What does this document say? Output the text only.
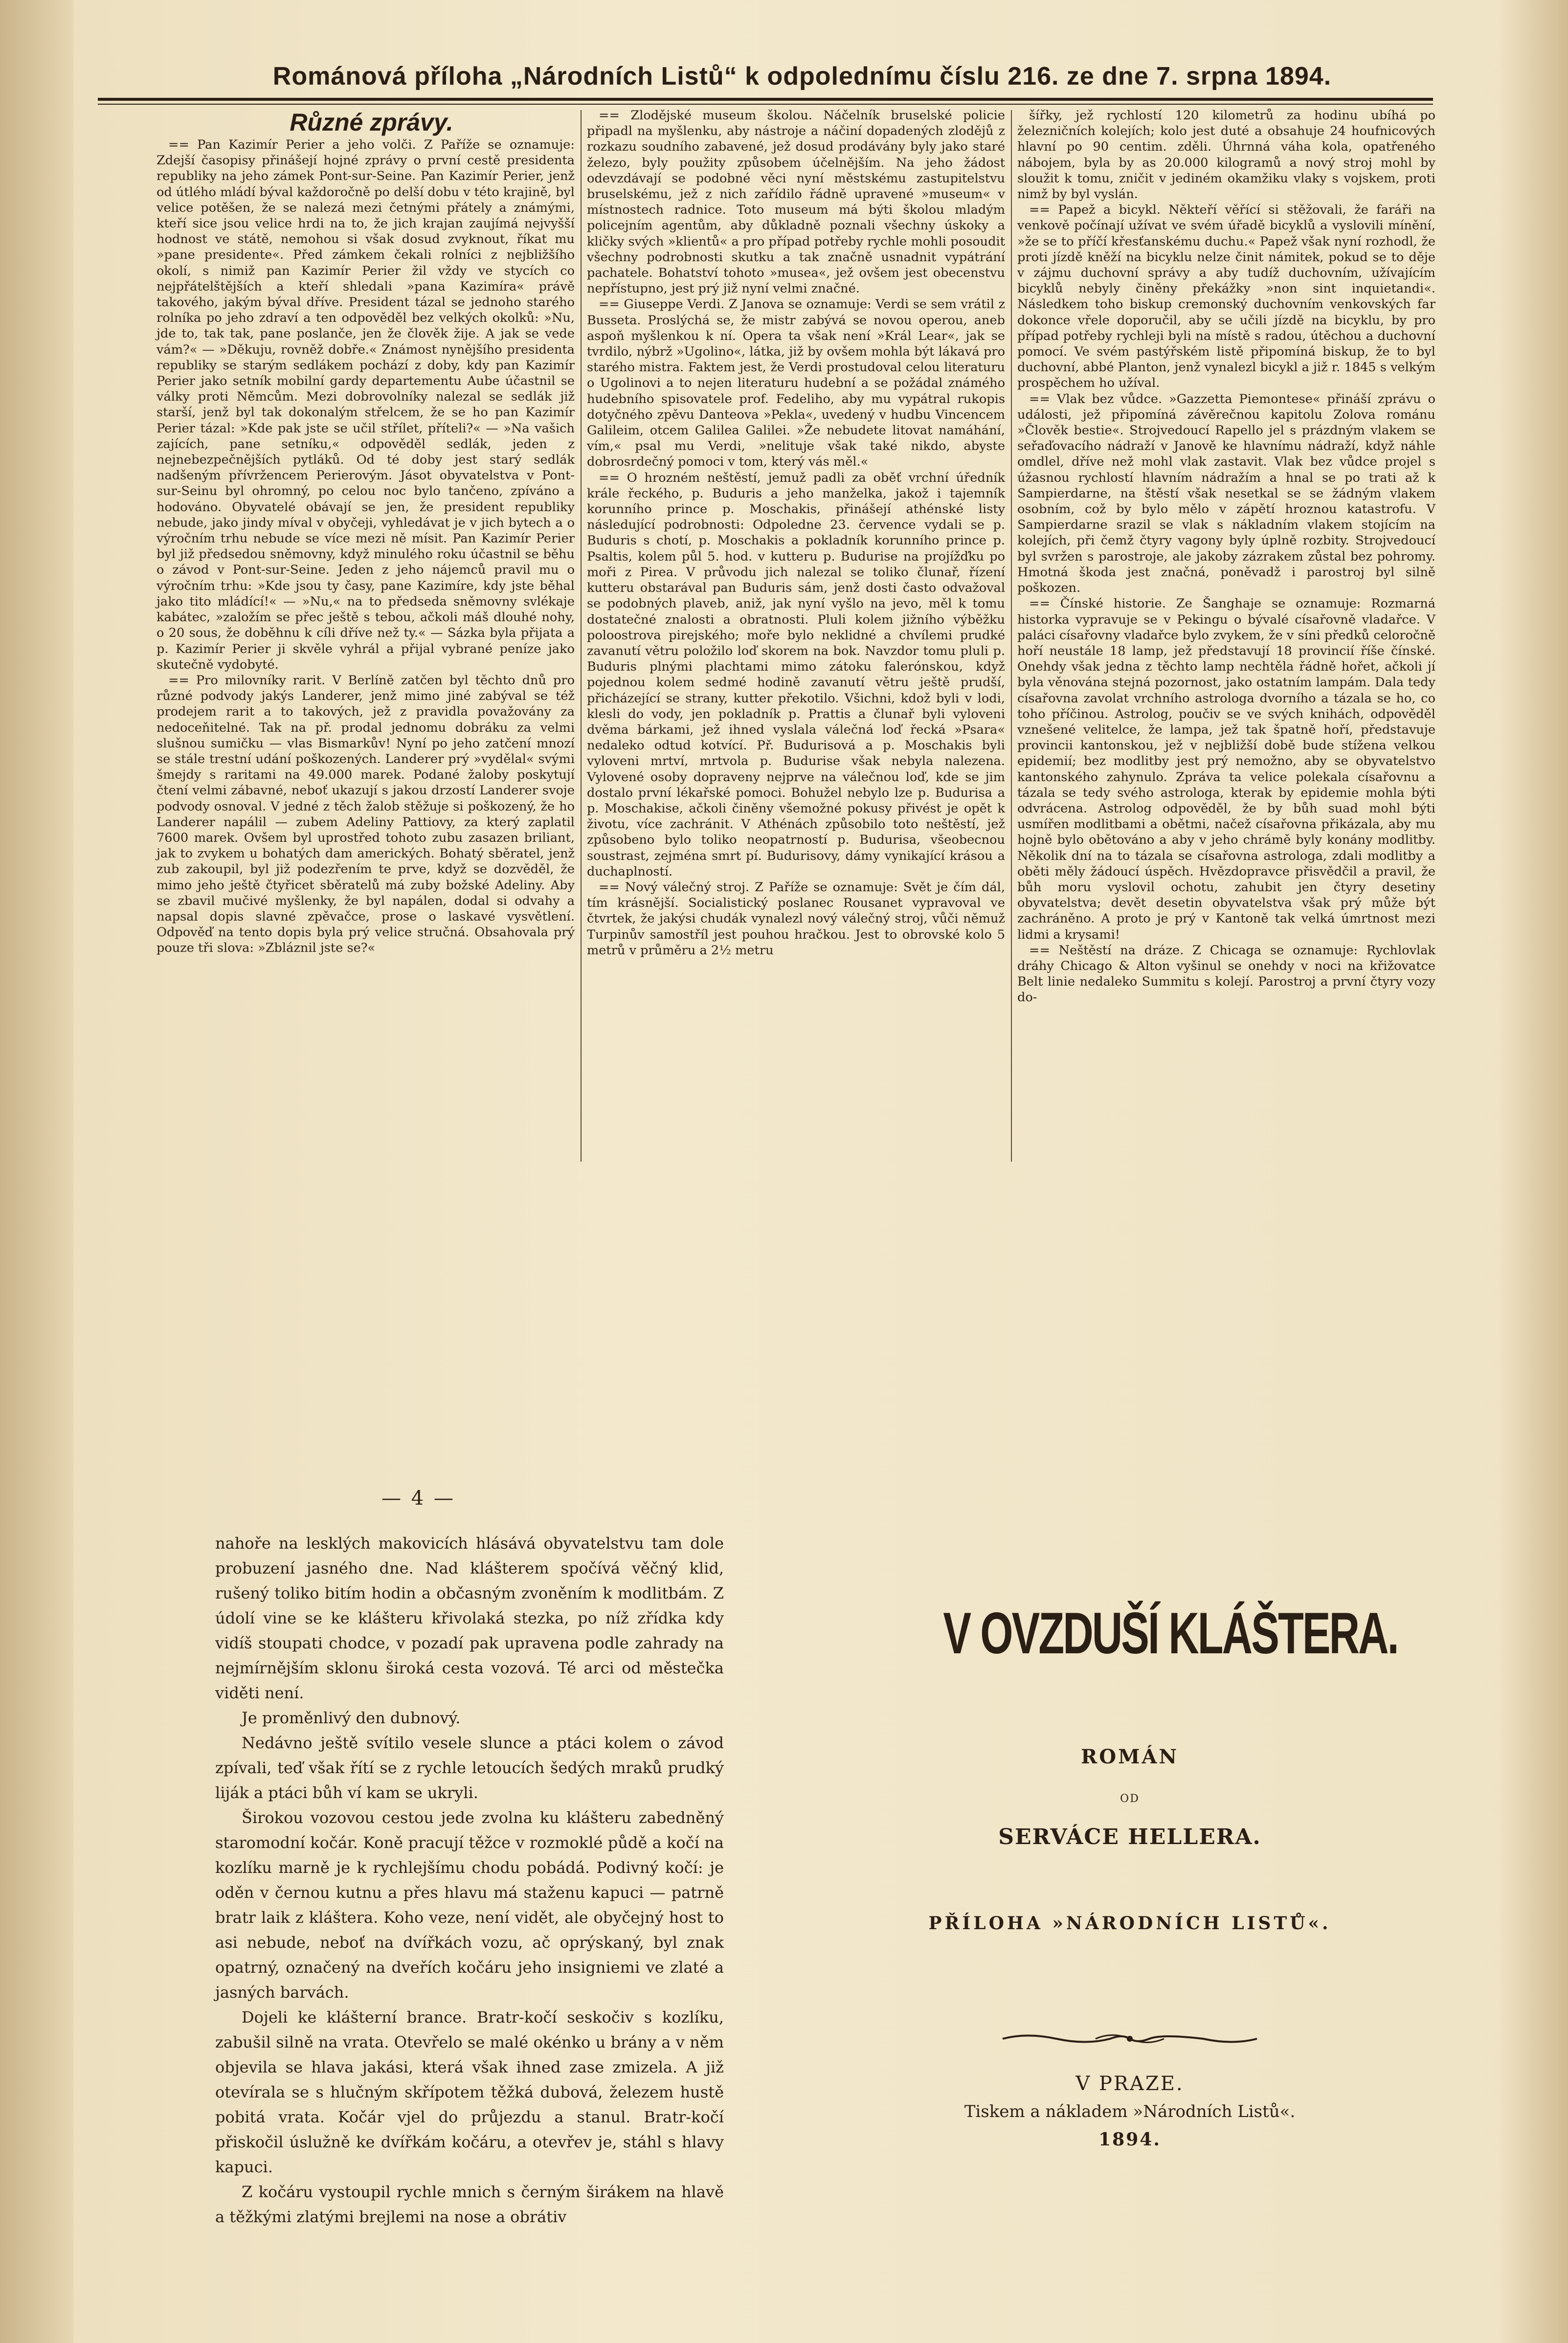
Románová příloha „Národních Listů“ k odpolednímu číslu 216. ze dne 7. srpna 1894.

Různé zprávy.

== Pan Kazimír Perier a jeho volči. Z Paříže se oznamuje: Zdejší časopisy přinášejí hojné zprávy o první cestě presidenta republiky na jeho zámek Pont-sur-Seine. Pan Kazimír Perier, jenž od útlého mládí býval každoročně po delší dobu v této krajině, byl velice potěšen, že se nalezá mezi četnými přátely a známými, kteří sice jsou velice hrdi na to, že jich krajan zaujímá nejvyšší hodnost ve státě, nemohou si však dosud zvyknout, říkat mu »pane presidente«. Před zámkem čekali rolníci z nejbližšího okolí, s nimiž pan Kazimír Perier žil vždy ve stycích co nejpřátelštějších a kteří shledali »pana Kazimíra« právě takového, jakým býval dříve. President tázal se jednoho starého rolníka po jeho zdraví a ten odpověděl bez velkých okolků: »Nu, jde to, tak tak, pane poslanče, jen že člověk žije. A jak se vede vám?« — »Děkuju, rovněž dobře.« Známost nynějšího presidenta republiky se starým sedlákem pochází z doby, kdy pan Kazimír Perier jako setník mobilní gardy departementu Aube účastnil se války proti Němcům. Mezi dobrovolníky nalezal se sedlák již starší, jenž byl tak dokonalým střelcem, že se ho pan Kazimír Perier tázal: »Kde pak jste se učil střílet, příteli?« — »Na vašich zajících, pane setníku,« odpověděl sedlák, jeden z nejnebezpečnějších pytláků. Od té doby jest starý sedlák nadšeným přívržencem Perierovým. Jásot obyvatelstva v Pont-sur-Seinu byl ohromný, po celou noc bylo tančeno, zpíváno a hodováno. Obyvatelé obávají se jen, že president republiky nebude, jako jindy míval v obyčeji, vyhledávat je v jich bytech a o výročním trhu nebude se více mezi ně mísit. Pan Kazimír Perier byl již předsedou sněmovny, když minulého roku účastnil se běhu o závod v Pont-sur-Seine. Jeden z jeho nájemců pravil mu o výročním trhu: »Kde jsou ty časy, pane Kazimíre, kdy jste běhal jako tito mládící!« — »Nu,« na to předseda sněmovny svlékaje kabátec, »založím se přec ještě s tebou, ačkoli máš dlouhé nohy, o 20 sous, že doběhnu k cíli dříve než ty.« — Sázka byla přijata a p. Kazimír Perier ji skvěle vyhrál a přijal vybrané peníze jako skutečně vydobyté.

== Pro milovníky rarit. V Berlíně zatčen byl těchto dnů pro různé podvody jakýs Landerer, jenž mimo jiné zabýval se též prodejem rarit a to takových, jež z pravidla považovány za nedoceňitelné. Tak na př. prodal jednomu dobráku za velmi slušnou sumičku — vlas Bismarkův! Nyní po jeho zatčení mnozí se stále trestní udání poškozených. Landerer prý »vydělal« svými šmejdy s raritami na 49.000 marek. Podané žaloby poskytují čtení velmi zábavné, neboť ukazují s jakou drzostí Landerer svoje podvody osnoval. V jedné z těch žalob stěžuje si poškozený, že ho Landerer napálil — zubem Adeliny Pattiovy, za který zaplatil 7600 marek. Ovšem byl uprostřed tohoto zubu zasazen briliant, jak to zvykem u bohatých dam amerických. Bohatý sběratel, jenž zub zakoupil, byl již podezřením te prve, když se dozvěděl, že mimo jeho ještě čtyřicet sběratelů má zuby božské Adeliny. Aby se zbavil mučivé myšlenky, že byl napálen, dodal si odvahy a napsal dopis slavné zpěvačce, prose o laskavé vysvětlení. Odpověď na tento dopis byla prý velice stručná. Obsahovala prý pouze tři slova: »Zbláznil jste se?«

== Zlodějské museum školou. Náčelník bruselské policie připadl na myšlenku, aby nástroje a náčiní dopadených zlodějů z rozkazu soudního zabavené, jež dosud prodávány byly jako staré železo, byly použity způsobem účelnějším. Na jeho žádost odevzdávají se podobné věci nyní městskému zastupitelstvu bruselskému, jež z nich zařídilo řádně upravené »museum« v místnostech radnice. Toto museum má býti školou mladým policejním agentům, aby důkladně poznali všechny úskoky a kličky svých »klientů« a pro případ potřeby rychle mohli posoudit všechny podrobnosti skutku a tak značně usnadnit vypátrání pachatele. Bohatství tohoto »musea«, jež ovšem jest obecenstvu nepřístupno, jest prý již nyní velmi značné.

== Giuseppe Verdi. Z Janova se oznamuje: Verdi se sem vrátil z Busseta. Proslýchá se, že mistr zabývá se novou operou, aneb aspoň myšlenkou k ní. Opera ta však není »Král Lear«, jak se tvrdilo, nýbrž »Ugolino«, látka, již by ovšem mohla být lákavá pro starého mistra. Faktem jest, že Verdi prostudoval celou literaturu o Ugolinovi a to nejen literaturu hudební a se požádal známého hudebního spisovatele prof. Fedeliho, aby mu vypátral rukopis dotyčného zpěvu Danteova »Pekla«, uvedený v hudbu Vincencem Galileim, otcem Galilea Galilei. »Že nebudete litovat namáhání, vím,« psal mu Verdi, »nelituje však také nikdo, abyste dobrosrdečný pomoci v tom, který vás měl.«

== O hrozném neštěstí, jemuž padli za oběť vrchní úředník krále řeckého, p. Buduris a jeho manželka, jakož i tajemník korunního prince p. Moschakis, přinášejí athénské listy následující podrobnosti: Odpoledne 23. července vydali se p. Buduris s chotí, p. Moschakis a pokladník korunního prince p. Psaltis, kolem půl 5. hod. v kutteru p. Budurise na projížďku po moři z Pirea. V průvodu jich nalezal se toliko člunař, řízení kutteru obstarával pan Buduris sám, jenž dosti často odvažoval se podobných plaveb, aniž, jak nyní vyšlo na jevo, měl k tomu dostatečné znalosti a obratnosti. Pluli kolem jižního výběžku poloostrova pirejského; moře bylo neklidné a chvílemi prudké zavanutí větru položilo loď skorem na bok. Navzdor tomu pluli p. Buduris plnými plachtami mimo zátoku falerónskou, když pojednou kolem sedmé hodině zavanutí větru ještě prudší, přicházející se strany, kutter překotilo. Všichni, kdož byli v lodi, klesli do vody, jen pokladník p. Prattis a člunař byli vyloveni dvěma bárkami, jež ihned vyslala válečná loď řecká »Psara« nedaleko odtud kotvící. Př. Budurisová a p. Moschakis byli vyloveni mrtví, mrtvola p. Budurise však nebyla nalezena. Vylovené osoby dopraveny nejprve na válečnou loď, kde se jim dostalo první lékařské pomoci. Bohužel nebylo lze p. Budurisa a p. Moschakise, ačkoli činěny všemožné pokusy přivést je opět k životu, více zachránit. V Athénách způsobilo toto neštěstí, jež způsobeno bylo toliko neopatrností p. Budurisa, všeobecnou soustrast, zejména smrt pí. Budurisovy, dámy vynikající krásou a duchaplností.

== Nový válečný stroj. Z Paříže se oznamuje: Svět je čím dál, tím krásnější. Socialistický poslanec Rousanet vypravoval ve čtvrtek, že jakýsi chudák vynalezl nový válečný stroj, vůči němuž Turpinův samostříl jest pouhou hračkou. Jest to obrovské kolo 5 metrů v průměru a 2½ metru

šířky, jež rychlostí 120 kilometrů za hodinu ubíhá po železničních kolejích; kolo jest duté a obsahuje 24 houfnicových hlavní po 90 centim. zděli. Úhrnná váha kola, opatřeného nábojem, byla by as 20.000 kilogramů a nový stroj mohl by sloužit k tomu, zničit v jediném okamžiku vlaky s vojskem, proti nimž by byl vyslán.

== Papež a bicykl. Někteří věřící si stěžovali, že faráři na venkově počínají užívat ve svém úřadě bicyklů a vyslovili mínění, »že se to příčí křesťanskému duchu.« Papež však nyní rozhodl, že proti jízdě kněží na bicyklu nelze činit námitek, pokud se to děje v zájmu duchovní správy a aby tudíž duchovním, užívajícím bicyklů nebyly činěny překážky »non sint inquietandi«. Následkem toho biskup cremonský duchovním venkovských far dokonce vřele doporučil, aby se učili jízdě na bicyklu, by pro případ potřeby rychleji byli na místě s radou, útěchou a duchovní pomocí. Ve svém pastýřském listě připomíná biskup, že to byl duchovní, abbé Planton, jenž vynalezl bicykl a již r. 1845 s velkým prospěchem ho užíval.

== Vlak bez vůdce. »Gazzetta Piemontese« přináší zprávu o události, jež připomíná závěrečnou kapitolu Zolova románu »Člověk bestie«. Strojvedoucí Rapello jel s prázdným vlakem se seřaďovacího nádraží v Janově ke hlavnímu nádraží, když náhle omdlel, dříve než mohl vlak zastavit. Vlak bez vůdce projel s úžasnou rychlostí hlavním nádražím a hnal se po trati až k Sampierdarne, na štěstí však nesetkal se se žádným vlakem osobním, což by bylo mělo v zápětí hroznou katastrofu. V Sampierdarne srazil se vlak s nákladním vlakem stojícím na kolejích, při čemž čtyry vagony byly úplně rozbity. Strojvedoucí byl svržen s parostroje, ale jakoby zázrakem zůstal bez pohromy. Hmotná škoda jest značná, poněvadž i parostroj byl silně poškozen.

== Čínské historie. Ze Šanghaje se oznamuje: Rozmarná historka vypravuje se v Pekingu o bývalé císařovně vladařce. V paláci císařovny vladařce bylo zvykem, že v síni předků celoročně hoří neustále 18 lamp, jež představují 18 provincií říše čínské. Onehdy však jedna z těchto lamp nechtěla řádně hořet, ačkoli jí byla věnována stejná pozornost, jako ostatním lampám. Dala tedy císařovna zavolat vrchního astrologa dvorního a tázala se ho, co toho příčinou. Astrolog, poučiv se ve svých knihách, odpověděl vznešené velitelce, že lampa, jež tak špatně hoří, představuje provincii kantonskou, jež v nejbližší době bude stížena velkou epidemií; bez modlitby jest prý nemožno, aby se obyvatelstvo kantonského zahynulo. Zpráva ta velice polekala císařovnu a tázala se tedy svého astrologa, kterak by epidemie mohla býti odvrácena. Astrolog odpověděl, že by bůh suad mohl býti usmířen modlitbami a obětmi, načež císařovna přikázala, aby mu hojně bylo obětováno a aby v jeho chrámě byly konány modlitby. Několik dní na to tázala se císařovna astrologa, zdali modlitby a oběti měly žádoucí úspěch. Hvězdopravce přisvědčil a pravil, že bůh moru vyslovil ochotu, zahubit jen čtyry desetiny obyvatelstva; devět desetin obyvatelstva však prý může být zachráněno. A proto je prý v Kantoně tak velká úmrtnost mezi lidmi a krysami!

== Neštěstí na dráze. Z Chicaga se oznamuje: Rychlovlak dráhy Chicago & Alton vyšinul se onehdy v noci na křižovatce Belt linie nedaleko Summitu s kolejí. Parostroj a první čtyry vozy do-

— 4 —

nahoře na lesklých makovicích hlásává obyvatelstvu tam dole probuzení jasného dne. Nad klášterem spočívá věčný klid, rušený toliko bitím hodin a občasným zvoněním k modlitbám. Z údolí vine se ke klášteru křivolaká stezka, po níž zřídka kdy vidíš stoupati chodce, v pozadí pak upravena podle zahrady na nejmírnějším sklonu široká cesta vozová. Té arci od městečka viděti není.

Je proměnlivý den dubnový.

Nedávno ještě svítilo vesele slunce a ptáci kolem o závod zpívali, teď však řítí se z rychle letoucích šedých mraků prudký liják a ptáci bůh ví kam se ukryli.

Širokou vozovou cestou jede zvolna ku klášteru zabedněný staromodní kočár. Koně pracují těžce v rozmoklé půdě a kočí na kozlíku marně je k rychlejšímu chodu pobádá. Podivný kočí: je oděn v černou kutnu a přes hlavu má staženu kapuci — patrně bratr laik z kláštera. Koho veze, není vidět, ale obyčejný host to asi nebude, neboť na dvířkách vozu, ač oprýskaný, byl znak opatrný, označený na dveřích kočáru jeho insigniemi ve zlaté a jasných barvách.

Dojeli ke klášterní brance. Bratr-kočí seskočiv s kozlíku, zabušil silně na vrata. Otevřelo se malé okénko u brány a v něm objevila se hlava jakási, která však ihned zase zmizela. A již otevírala se s hlučným skřípotem těžká dubová, železem hustě pobitá vrata. Kočár vjel do průjezdu a stanul. Bratr-kočí přiskočil úslužně ke dvířkám kočáru, a otevřev je, stáhl s hlavy kapuci.

Z kočáru vystoupil rychle mnich s černým širákem na hlavě a těžkými zlatými brejlemi na nose a obrátiv

V OVZDUŠÍ KLÁŠTERA.
ROMÁN
OD
SERVÁCE HELLERA.
PŘÍLOHA »NÁRODNÍCH LISTŮ«.
V PRAZE.
Tiskem a nákladem »Národních Listů«.
1894.
